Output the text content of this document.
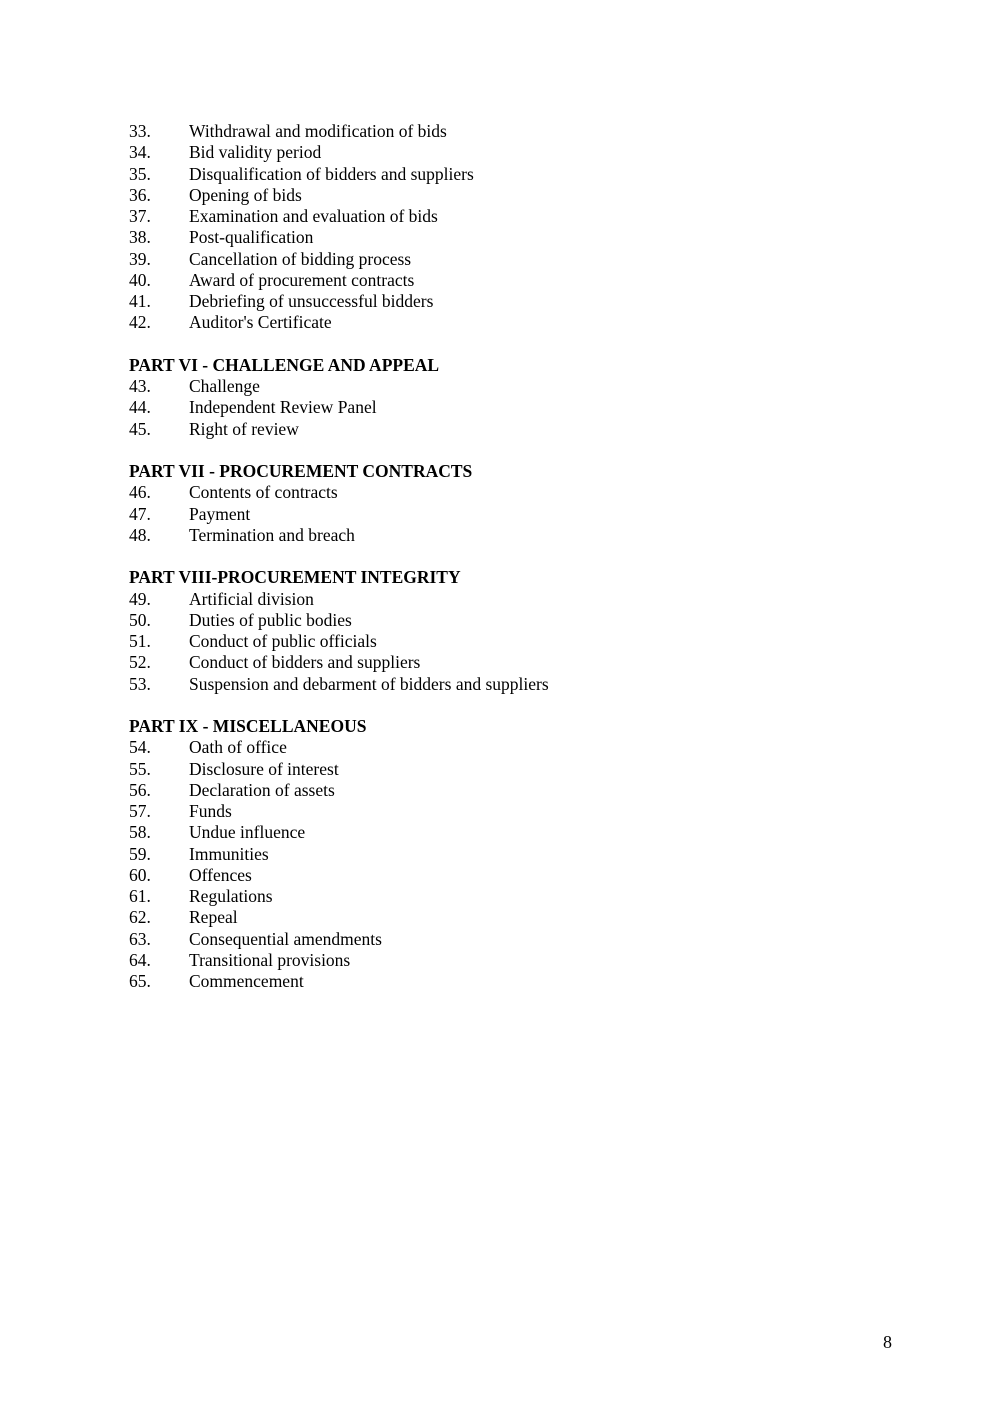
33.	Withdrawal and modification of bids
34.	Bid validity period
35.	Disqualification of bidders and suppliers
36.	Opening of bids
37.	Examination and evaluation of bids
38.	Post-qualification
39.	Cancellation of bidding process
40.	Award of procurement contracts
41.	Debriefing of unsuccessful bidders
42.	Auditor's Certificate
PART VI - CHALLENGE AND APPEAL
43.	Challenge
44.	Independent Review Panel
45.	Right of review
PART VII - PROCUREMENT CONTRACTS
46.	Contents of contracts
47.	Payment
48.	Termination and breach
PART VIII-PROCUREMENT INTEGRITY
49.	Artificial division
50.	Duties of public bodies
51.	Conduct of public officials
52.	Conduct of bidders and suppliers
53.	Suspension and debarment of bidders and suppliers
PART IX - MISCELLANEOUS
54.	Oath of office
55.	Disclosure of interest
56.	Declaration of assets
57.	Funds
58.	Undue influence
59.	Immunities
60.	Offences
61.	Regulations
62.	Repeal
63.	Consequential amendments
64.	Transitional provisions
65.	Commencement
8
